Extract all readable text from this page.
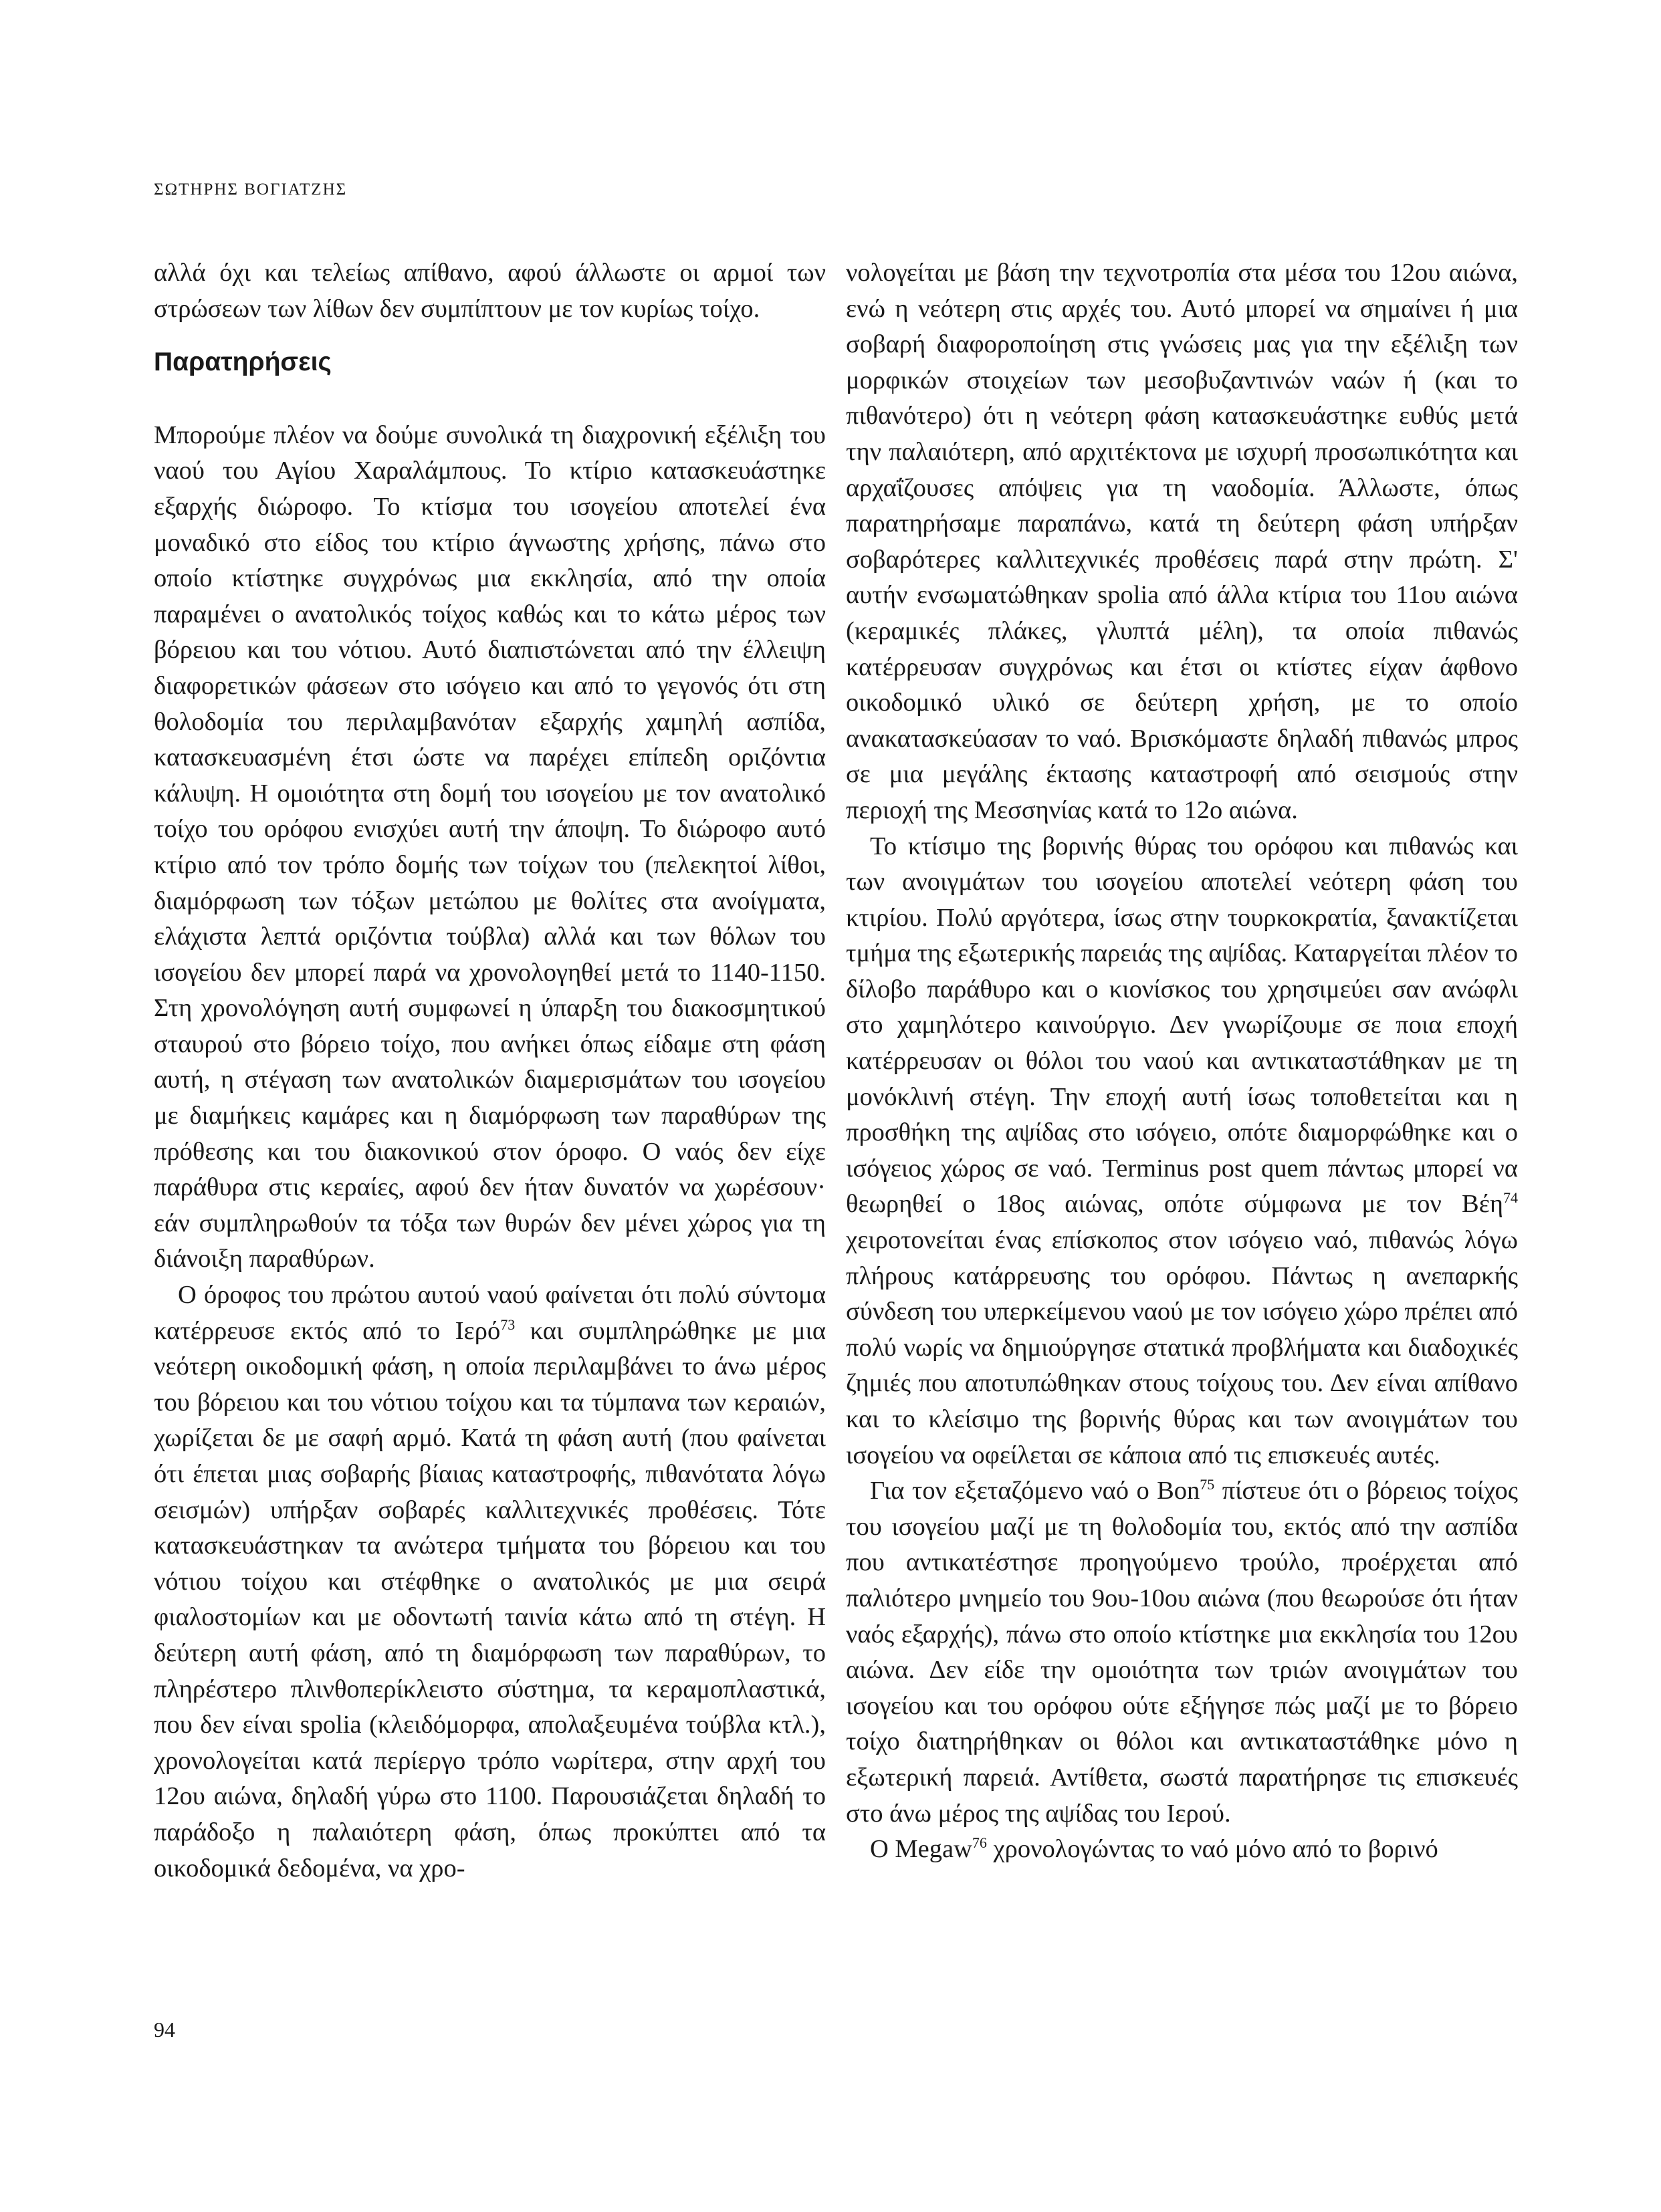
ΣΩΤΗΡΗΣ ΒΟΓΙΑΤΖΗΣ

αλλά όχι και τελείως απίθανο, αφού άλλωστε οι αρμοί των στρώσεων των λίθων δεν συμπίπτουν με τον κυρίως τοίχο.

Παρατηρήσεις

Μπορούμε πλέον να δούμε συνολικά τη διαχρονική εξέλιξη του ναού του Αγίου Χαραλάμπους. Το κτίριο κατασκευάστηκε εξαρχής διώροφο. Το κτίσμα του ισογείου αποτελεί ένα μοναδικό στο είδος του κτίριο άγνωστης χρήσης, πάνω στο οποίο κτίστηκε συγχρόνως μια εκκλησία, από την οποία παραμένει ο ανατολικός τοίχος καθώς και το κάτω μέρος των βόρειου και του νότιου. Αυτό διαπιστώνεται από την έλλειψη διαφορετικών φάσεων στο ισόγειο και από το γεγονός ότι στη θολοδομία του περιλαμβανόταν εξαρχής χαμηλή ασπίδα, κατασκευασμένη έτσι ώστε να παρέχει επίπεδη οριζόντια κάλυψη. Η ομοιότητα στη δομή του ισογείου με τον ανατολικό τοίχο του ορόφου ενισχύει αυτή την άποψη. Το διώροφο αυτό κτίριο από τον τρόπο δομής των τοίχων του (πελεκητοί λίθοι, διαμόρφωση των τόξων μετώπου με θολίτες στα ανοίγματα, ελάχιστα λεπτά οριζόντια τούβλα) αλλά και των θόλων του ισογείου δεν μπορεί παρά να χρονολογηθεί μετά το 1140-1150. Στη χρονολόγηση αυτή συμφωνεί η ύπαρξη του διακοσμητικού σταυρού στο βόρειο τοίχο, που ανήκει όπως είδαμε στη φάση αυτή, η στέγαση των ανατολικών διαμερισμάτων του ισογείου με διαμήκεις καμάρες και η διαμόρφωση των παραθύρων της πρόθεσης και του διακονικού στον όροφο. Ο ναός δεν είχε παράθυρα στις κεραίες, αφού δεν ήταν δυνατόν να χωρέσουν· εάν συμπληρωθούν τα τόξα των θυρών δεν μένει χώρος για τη διάνοιξη παραθύρων.

Ο όροφος του πρώτου αυτού ναού φαίνεται ότι πολύ σύντομα κατέρρευσε εκτός από το Ιερό$^{73}$ και συμπληρώθηκε με μια νεότερη οικοδομική φάση, η οποία περιλαμβάνει το άνω μέρος του βόρειου και του νότιου τοίχου και τα τύμπανα των κεραιών, χωρίζεται δε με σαφή αρμό. Κατά τη φάση αυτή (που φαίνεται ότι έπεται μιας σοβαρής βίαιας καταστροφής, πιθανότατα λόγω σεισμών) υπήρξαν σοβαρές καλλιτεχνικές προθέσεις. Τότε κατασκευάστηκαν τα ανώτερα τμήματα του βόρειου και του νότιου τοίχου και στέφθηκε ο ανατολικός με μια σειρά φιαλοστομίων και με οδοντωτή ταινία κάτω από τη στέγη. Η δεύτερη αυτή φάση, από τη διαμόρφωση των παραθύρων, το πληρέστερο πλινθοπερίκλειστο σύστημα, τα κεραμοπλαστικά, που δεν είναι spolia (κλειδόμορφα, απολαξευμένα τούβλα κτλ.), χρονολογείται κατά περίεργο τρόπο νωρίτερα, στην αρχή του 12ου αιώνα, δηλαδή γύρω στο 1100. Παρουσιάζεται δηλαδή το παράδοξο η παλαιότερη φάση, όπως προκύπτει από τα οικοδομικά δεδομένα, να χρο-

νολογείται με βάση την τεχνοτροπία στα μέσα του 12ου αιώνα, ενώ η νεότερη στις αρχές του. Αυτό μπορεί να σημαίνει ή μια σοβαρή διαφοροποίηση στις γνώσεις μας για την εξέλιξη των μορφικών στοιχείων των μεσοβυζαντινών ναών ή (και το πιθανότερο) ότι η νεότερη φάση κατασκευάστηκε ευθύς μετά την παλαιότερη, από αρχιτέκτονα με ισχυρή προσωπικότητα και αρχαΐζουσες απόψεις για τη ναοδομία. Άλλωστε, όπως παρατηρήσαμε παραπάνω, κατά τη δεύτερη φάση υπήρξαν σοβαρότερες καλλιτεχνικές προθέσεις παρά στην πρώτη. Σ' αυτήν ενσωματώθηκαν spolia από άλλα κτίρια του 11ου αιώνα (κεραμικές πλάκες, γλυπτά μέλη), τα οποία πιθανώς κατέρρευσαν συγχρόνως και έτσι οι κτίστες είχαν άφθονο οικοδομικό υλικό σε δεύτερη χρήση, με το οποίο ανακατασκεύασαν το ναό. Βρισκόμαστε δηλαδή πιθανώς μπρος σε μια μεγάλης έκτασης καταστροφή από σεισμούς στην περιοχή της Μεσσηνίας κατά το 12ο αιώνα.

Το κτίσιμο της βορινής θύρας του ορόφου και πιθανώς και των ανοιγμάτων του ισογείου αποτελεί νεότερη φάση του κτιρίου. Πολύ αργότερα, ίσως στην τουρκοκρατία, ξανακτίζεται τμήμα της εξωτερικής παρειάς της αψίδας. Καταργείται πλέον το δίλοβο παράθυρο και ο κιονίσκος του χρησιμεύει σαν ανώφλι στο χαμηλότερο καινούργιο. Δεν γνωρίζουμε σε ποια εποχή κατέρρευσαν οι θόλοι του ναού και αντικαταστάθηκαν με τη μονόκλινή στέγη. Την εποχή αυτή ίσως τοποθετείται και η προσθήκη της αψίδας στο ισόγειο, οπότε διαμορφώθηκε και ο ισόγειος χώρος σε ναό. Terminus post quem πάντως μπορεί να θεωρηθεί ο 18ος αιώνας, οπότε σύμφωνα με τον Βέη$^{74}$ χειροτονείται ένας επίσκοπος στον ισόγειο ναό, πιθανώς λόγω πλήρους κατάρρευσης του ορόφου. Πάντως η ανεπαρκής σύνδεση του υπερκείμενου ναού με τον ισόγειο χώρο πρέπει από πολύ νωρίς να δημιούργησε στατικά προβλήματα και διαδοχικές ζημιές που αποτυπώθηκαν στους τοίχους του. Δεν είναι απίθανο και το κλείσιμο της βορινής θύρας και των ανοιγμάτων του ισογείου να οφείλεται σε κάποια από τις επισκευές αυτές.

Για τον εξεταζόμενο ναό ο Bon$^{75}$ πίστευε ότι ο βόρειος τοίχος του ισογείου μαζί με τη θολοδομία του, εκτός από την ασπίδα που αντικατέστησε προηγούμενο τρούλο, προέρχεται από παλιότερο μνημείο του 9ου-10ου αιώνα (που θεωρούσε ότι ήταν ναός εξαρχής), πάνω στο οποίο κτίστηκε μια εκκλησία του 12ου αιώνα. Δεν είδε την ομοιότητα των τριών ανοιγμάτων του ισογείου και του ορόφου ούτε εξήγησε πώς μαζί με το βόρειο τοίχο διατηρήθηκαν οι θόλοι και αντικαταστάθηκε μόνο η εξωτερική παρειά. Αντίθετα, σωστά παρατήρησε τις επισκευές στο άνω μέρος της αψίδας του Ιερού.

Ο Megaw$^{76}$ χρονολογώντας το ναό μόνο από το βορινό

94
